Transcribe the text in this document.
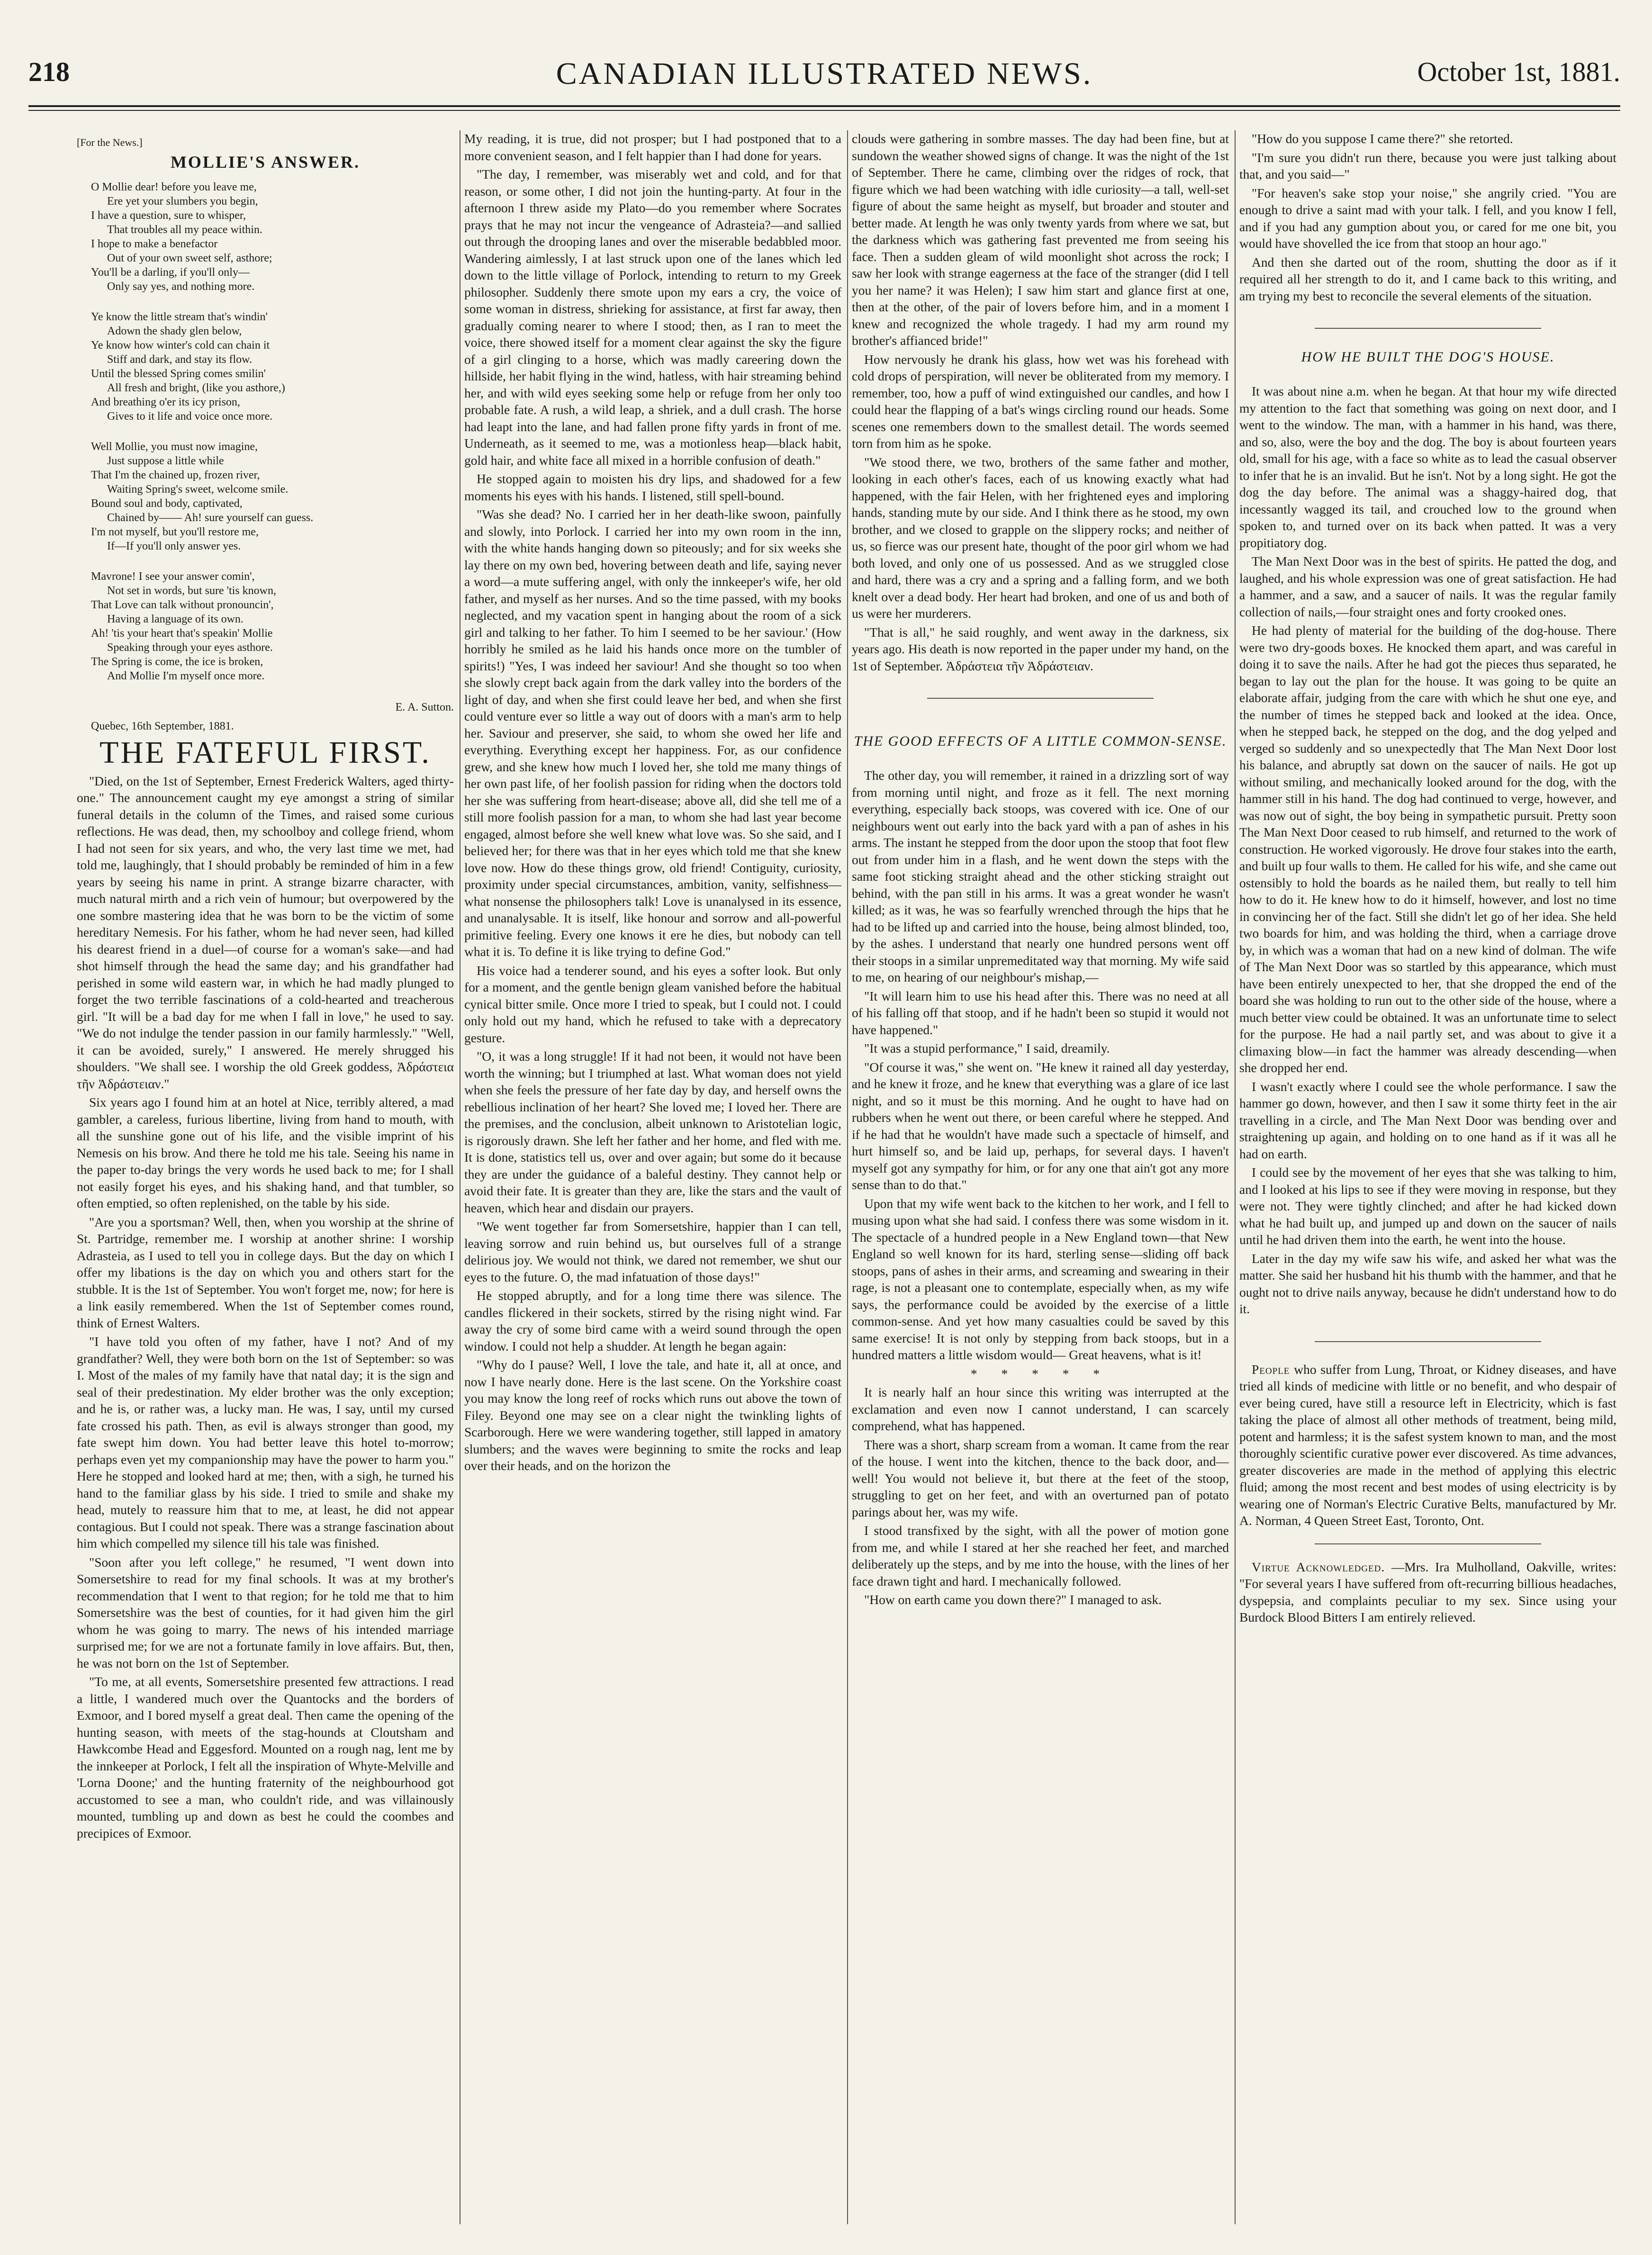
218	CANADIAN ILLUSTRATED NEWS.	October 1st, 1881.
[For the News.]
MOLLIE'S ANSWER.
O Mollie dear! before you leave me,
Ere yet your slumbers you begin,
I have a question, sure to whisper,
That troubles all my peace within.
I hope to make a benefactor
Out of your own sweet self, asthore;
You'll be a darling, if you'll only—
Only say yes, and nothing more.
Ye know the little stream that's windin'
Adown the shady glen below,
Ye know how winter's cold can chain it
Stiff and dark, and stay its flow.
Until the blessed Spring comes smilin'
All fresh and bright, (like you asthore,)
And breathing o'er its icy prison,
Gives to it life and voice once more.
Well Mollie, you must now imagine,
Just suppose a little while
That I'm the chained up, frozen river,
Waiting Spring's sweet, welcome smile.
Bound soul and body, captivated,
Chained by—— Ah! sure yourself can guess.
I'm not myself, but you'll restore me,
If—If you'll only answer yes.
Mavrone! I see your answer comin',
Not set in words, but sure 'tis known,
That Love can talk without pronouncin',
Having a language of its own.
Ah! 'tis your heart that's speakin' Mollie
Speaking through your eyes asthore.
The Spring is come, the ice is broken,
And Mollie I'm myself once more.
E. A. Sutton.
Quebec, 16th September, 1881.
THE FATEFUL FIRST.

"Died, on the 1st of September, Ernest Frederick Walters, aged thirty-one." The announcement caught my eye amongst a string of similar funeral details in the column of the Times, and raised some curious reflections. He was dead, then, my schoolboy and college friend, whom I had not seen for six years, and who, the very last time we met, had told me, laughingly, that I should probably be reminded of him in a few years by seeing his name in print. A strange bizarre character, with much natural mirth and a rich vein of humour; but overpowered by the one sombre mastering idea that he was born to be the victim of some hereditary Nemesis. For his father, whom he had never seen, had killed his dearest friend in a duel—of course for a woman's sake—and had shot himself through the head the same day; and his grandfather had perished in some wild eastern war, in which he had madly plunged to forget the two terrible fascinations of a cold-hearted and treacherous girl. "It will be a bad day for me when I fall in love," he used to say. "We do not indulge the tender passion in our family harmlessly." "Well, it can be avoided, surely," I answered. He merely shrugged his shoulders. "We shall see. I worship the old Greek goddess, Ἀδράστεια τῆν Ἀδράστειαν."

Six years ago I found him at an hotel at Nice, terribly altered, a mad gambler, a careless, furious libertine, living from hand to mouth, with all the sunshine gone out of his life, and the visible imprint of his Nemesis on his brow. And there he told me his tale. Seeing his name in the paper to-day brings the very words he used back to me; for I shall not easily forget his eyes, and his shaking hand, and that tumbler, so often emptied, so often replenished, on the table by his side.

"Are you a sportsman? Well, then, when you worship at the shrine of St. Partridge, remember me. I worship at another shrine: I worship Adrasteia, as I used to tell you in college days. But the day on which I offer my libations is the day on which you and others start for the stubble. It is the 1st of September. You won't forget me, now; for here is a link easily remembered. When the 1st of September comes round, think of Ernest Walters.

"I have told you often of my father, have I not? And of my grandfather? Well, they were both born on the 1st of September: so was I. Most of the males of my family have that natal day; it is the sign and seal of their predestination. My elder brother was the only exception; and he is, or rather was, a lucky man. He was, I say, until my cursed fate crossed his path. Then, as evil is always stronger than good, my fate swept him down. You had better leave this hotel to-morrow; perhaps even yet my companionship may have the power to harm you." Here he stopped and looked hard at me; then, with a sigh, he turned his hand to the familiar glass by his side. I tried to smile and shake my head, mutely to reassure him that to me, at least, he did not appear contagious. But I could not speak. There was a strange fascination about him which compelled my silence till his tale was finished.

"Soon after you left college," he resumed, "I went down into Somersetshire to read for my final schools. It was at my brother's recommendation that I went to that region; for he told me that to him Somersetshire was the best of counties, for it had given him the girl whom he was going to marry. The news of his intended marriage surprised me; for we are not a fortunate family in love affairs. But, then, he was not born on the 1st of September.

"To me, at all events, Somersetshire presented few attractions. I read a little, I wandered much over the Quantocks and the borders of Exmoor, and I bored myself a great deal. Then came the opening of the hunting season, with meets of the stag-hounds at Cloutsham and Hawkcombe Head and Eggesford. Mounted on a rough nag, lent me by the innkeeper at Porlock, I felt all the inspiration of Whyte-Melville and 'Lorna Doone;' and the hunting fraternity of the neighbourhood got accustomed to see a man, who couldn't ride, and was villainously mounted, tumbling up and down as best he could the coombes and precipices of Exmoor.

My reading, it is true, did not prosper; but I had postponed that to a more convenient season, and I felt happier than I had done for years.

"The day, I remember, was miserably wet and cold, and for that reason, or some other, I did not join the hunting-party. At four in the afternoon I threw aside my Plato—do you remember where Socrates prays that he may not incur the vengeance of Adrasteia?—and sallied out through the drooping lanes and over the miserable bedabbled moor. Wandering aimlessly, I at last struck upon one of the lanes which led down to the little village of Porlock, intending to return to my Greek philosopher. Suddenly there smote upon my ears a cry, the voice of some woman in distress, shrieking for assistance, at first far away, then gradually coming nearer to where I stood; then, as I ran to meet the voice, there showed itself for a moment clear against the sky the figure of a girl clinging to a horse, which was madly careering down the hillside, her habit flying in the wind, hatless, with hair streaming behind her, and with wild eyes seeking some help or refuge from her only too probable fate. A rush, a wild leap, a shriek, and a dull crash. The horse had leapt into the lane, and had fallen prone fifty yards in front of me. Underneath, as it seemed to me, was a motionless heap—black habit, gold hair, and white face all mixed in a horrible confusion of death."

He stopped again to moisten his dry lips, and shadowed for a few moments his eyes with his hands. I listened, still spell-bound.

"Was she dead? No. I carried her in her death-like swoon, painfully and slowly, into Porlock. I carried her into my own room in the inn, with the white hands hanging down so piteously; and for six weeks she lay there on my own bed, hovering between death and life, saying never a word—a mute suffering angel, with only the innkeeper's wife, her old father, and myself as her nurses. And so the time passed, with my books neglected, and my vacation spent in hanging about the room of a sick girl and talking to her father. To him I seemed to be her saviour.' (How horribly he smiled as he laid his hands once more on the tumbler of spirits!) "Yes, I was indeed her saviour! And she thought so too when she slowly crept back again from the dark valley into the borders of the light of day, and when she first could leave her bed, and when she first could venture ever so little a way out of doors with a man's arm to help her. Saviour and preserver, she said, to whom she owed her life and everything. Everything except her happiness. For, as our confidence grew, and she knew how much I loved her, she told me many things of her own past life, of her foolish passion for riding when the doctors told her she was suffering from heart-disease; above all, did she tell me of a still more foolish passion for a man, to whom she had last year become engaged, almost before she well knew what love was. So she said, and I believed her; for there was that in her eyes which told me that she knew love now. How do these things grow, old friend! Contiguity, curiosity, proximity under special circumstances, ambition, vanity, selfishness—what nonsense the philosophers talk! Love is unanalysed in its essence, and unanalysable. It is itself, like honour and sorrow and all-powerful primitive feeling. Every one knows it ere he dies, but nobody can tell what it is. To define it is like trying to define God."

His voice had a tenderer sound, and his eyes a softer look. But only for a moment, and the gentle benign gleam vanished before the habitual cynical bitter smile. Once more I tried to speak, but I could not. I could only hold out my hand, which he refused to take with a deprecatory gesture.

"O, it was a long struggle! If it had not been, it would not have been worth the winning; but I triumphed at last. What woman does not yield when she feels the pressure of her fate day by day, and herself owns the rebellious inclination of her heart? She loved me; I loved her. There are the premises, and the conclusion, albeit unknown to Aristotelian logic, is rigorously drawn. She left her father and her home, and fled with me. It is done, statistics tell us, over and over again; but some do it because they are under the guidance of a baleful destiny. They cannot help or avoid their fate. It is greater than they are, like the stars and the vault of heaven, which hear and disdain our prayers.

"We went together far from Somersetshire, happier than I can tell, leaving sorrow and ruin behind us, but ourselves full of a strange delirious joy. We would not think, we dared not remember, we shut our eyes to the future. O, the mad infatuation of those days!"

He stopped abruptly, and for a long time there was silence. The candles flickered in their sockets, stirred by the rising night wind. Far away the cry of some bird came with a weird sound through the open window. I could not help a shudder. At length he began again:

"Why do I pause? Well, I love the tale, and hate it, all at once, and now I have nearly done. Here is the last scene. On the Yorkshire coast you may know the long reef of rocks which runs out above the town of Filey. Beyond one may see on a clear night the twinkling lights of Scarborough. Here we were wandering together, still lapped in amatory slumbers; and the waves were beginning to smite the rocks and leap over their heads, and on the horizon the

clouds were gathering in sombre masses. The day had been fine, but at sundown the weather showed signs of change. It was the night of the 1st of September. There he came, climbing over the ridges of rock, that figure which we had been watching with idle curiosity—a tall, well-set figure of about the same height as myself, but broader and stouter and better made. At length he was only twenty yards from where we sat, but the darkness which was gathering fast prevented me from seeing his face. Then a sudden gleam of wild moonlight shot across the rock; I saw her look with strange eagerness at the face of the stranger (did I tell you her name? it was Helen); I saw him start and glance first at one, then at the other, of the pair of lovers before him, and in a moment I knew and recognized the whole tragedy. I had my arm round my brother's affianced bride!"

How nervously he drank his glass, how wet was his forehead with cold drops of perspiration, will never be obliterated from my memory. I remember, too, how a puff of wind extinguished our candles, and how I could hear the flapping of a bat's wings circling round our heads. Some scenes one remembers down to the smallest detail. The words seemed torn from him as he spoke.

"We stood there, we two, brothers of the same father and mother, looking in each other's faces, each of us knowing exactly what had happened, with the fair Helen, with her frightened eyes and imploring hands, standing mute by our side. And I think there as he stood, my own brother, and we closed to grapple on the slippery rocks; and neither of us, so fierce was our present hate, thought of the poor girl whom we had both loved, and only one of us possessed. And as we struggled close and hard, there was a cry and a spring and a falling form, and we both knelt over a dead body. Her heart had broken, and one of us and both of us were her murderers.

"That is all," he said roughly, and went away in the darkness, six years ago. His death is now reported in the paper under my hand, on the 1st of September. Ἀδράστεια τῆν Ἀδράστειαν.

THE GOOD EFFECTS OF A LITTLE COMMON-SENSE.

The other day, you will remember, it rained in a drizzling sort of way from morning until night, and froze as it fell. The next morning everything, especially back stoops, was covered with ice. One of our neighbours went out early into the back yard with a pan of ashes in his arms. The instant he stepped from the door upon the stoop that foot flew out from under him in a flash, and he went down the steps with the same foot sticking straight ahead and the other sticking straight out behind, with the pan still in his arms. It was a great wonder he wasn't killed; as it was, he was so fearfully wrenched through the hips that he had to be lifted up and carried into the house, being almost blinded, too, by the ashes. I understand that nearly one hundred persons went off their stoops in a similar unpremeditated way that morning. My wife said to me, on hearing of our neighbour's mishap,—

"It will learn him to use his head after this. There was no need at all of his falling off that stoop, and if he hadn't been so stupid it would not have happened."

"It was a stupid performance," I said, dreamily.

"Of course it was," she went on. "He knew it rained all day yesterday, and he knew it froze, and he knew that everything was a glare of ice last night, and so it must be this morning. And he ought to have had on rubbers when he went out there, or been careful where he stepped. And if he had that he wouldn't have made such a spectacle of himself, and hurt himself so, and be laid up, perhaps, for several days. I haven't myself got any sympathy for him, or for any one that ain't got any more sense than to do that."

Upon that my wife went back to the kitchen to her work, and I fell to musing upon what she had said. I confess there was some wisdom in it. The spectacle of a hundred people in a New England town—that New England so well known for its hard, sterling sense—sliding off back stoops, pans of ashes in their arms, and screaming and swearing in their rage, is not a pleasant one to contemplate, especially when, as my wife says, the performance could be avoided by the exercise of a little common-sense. And yet how many casualties could be saved by this same exercise! It is not only by stepping from back stoops, but in a hundred matters a little wisdom would— Great heavens, what is it!

* * * * *

It is nearly half an hour since this writing was interrupted at the exclamation and even now I cannot understand, I can scarcely comprehend, what has happened.

There was a short, sharp scream from a woman. It came from the rear of the house. I went into the kitchen, thence to the back door, and—well! You would not believe it, but there at the feet of the stoop, struggling to get on her feet, and with an overturned pan of potato parings about her, was my wife.

I stood transfixed by the sight, with all the power of motion gone from me, and while I stared at her she reached her feet, and marched deliberately up the steps, and by me into the house, with the lines of her face drawn tight and hard. I mechanically followed.

"How on earth came you down there?" I managed to ask.

"How do you suppose I came there?" she retorted.

"I'm sure you didn't run there, because you were just talking about that, and you said—"

"For heaven's sake stop your noise," she angrily cried. "You are enough to drive a saint mad with your talk. I fell, and you know I fell, and if you had any gumption about you, or cared for me one bit, you would have shovelled the ice from that stoop an hour ago."

And then she darted out of the room, shutting the door as if it required all her strength to do it, and I came back to this writing, and am trying my best to reconcile the several elements of the situation.

HOW HE BUILT THE DOG'S HOUSE.

It was about nine a.m. when he began. At that hour my wife directed my attention to the fact that something was going on next door, and I went to the window. The man, with a hammer in his hand, was there, and so, also, were the boy and the dog. The boy is about fourteen years old, small for his age, with a face so white as to lead the casual observer to infer that he is an invalid. But he isn't. Not by a long sight. He got the dog the day before. The animal was a shaggy-haired dog, that incessantly wagged its tail, and crouched low to the ground when spoken to, and turned over on its back when patted. It was a very propitiatory dog.

The Man Next Door was in the best of spirits. He patted the dog, and laughed, and his whole expression was one of great satisfaction. He had a hammer, and a saw, and a saucer of nails. It was the regular family collection of nails,—four straight ones and forty crooked ones.

He had plenty of material for the building of the dog-house. There were two dry-goods boxes. He knocked them apart, and was careful in doing it to save the nails. After he had got the pieces thus separated, he began to lay out the plan for the house. It was going to be quite an elaborate affair, judging from the care with which he shut one eye, and the number of times he stepped back and looked at the idea. Once, when he stepped back, he stepped on the dog, and the dog yelped and verged so suddenly and so unexpectedly that The Man Next Door lost his balance, and abruptly sat down on the saucer of nails. He got up without smiling, and mechanically looked around for the dog, with the hammer still in his hand. The dog had continued to verge, however, and was now out of sight, the boy being in sympathetic pursuit. Pretty soon The Man Next Door ceased to rub himself, and returned to the work of construction. He worked vigorously. He drove four stakes into the earth, and built up four walls to them. He called for his wife, and she came out ostensibly to hold the boards as he nailed them, but really to tell him how to do it. He knew how to do it himself, however, and lost no time in convincing her of the fact. Still she didn't let go of her idea. She held two boards for him, and was holding the third, when a carriage drove by, in which was a woman that had on a new kind of dolman. The wife of The Man Next Door was so startled by this appearance, which must have been entirely unexpected to her, that she dropped the end of the board she was holding to run out to the other side of the house, where a much better view could be obtained. It was an unfortunate time to select for the purpose. He had a nail partly set, and was about to give it a climaxing blow—in fact the hammer was already descending—when she dropped her end.

I wasn't exactly where I could see the whole performance. I saw the hammer go down, however, and then I saw it some thirty feet in the air travelling in a circle, and The Man Next Door was bending over and straightening up again, and holding on to one hand as if it was all he had on earth.

I could see by the movement of her eyes that she was talking to him, and I looked at his lips to see if they were moving in response, but they were not. They were tightly clinched; and after he had kicked down what he had built up, and jumped up and down on the saucer of nails until he had driven them into the earth, he went into the house.

Later in the day my wife saw his wife, and asked her what was the matter. She said her husband hit his thumb with the hammer, and that he ought not to drive nails anyway, because he didn't understand how to do it.

People who suffer from Lung, Throat, or Kidney diseases, and have tried all kinds of medicine with little or no benefit, and who despair of ever being cured, have still a resource left in Electricity, which is fast taking the place of almost all other methods of treatment, being mild, potent and harmless; it is the safest system known to man, and the most thoroughly scientific curative power ever discovered. As time advances, greater discoveries are made in the method of applying this electric fluid; among the most recent and best modes of using electricity is by wearing one of Norman's Electric Curative Belts, manufactured by Mr. A. Norman, 4 Queen Street East, Toronto, Ont.

Virtue Acknowledged. —Mrs. Ira Mulholland, Oakville, writes: "For several years I have suffered from oft-recurring billious headaches, dyspepsia, and complaints peculiar to my sex. Since using your Burdock Blood Bitters I am entirely relieved.
